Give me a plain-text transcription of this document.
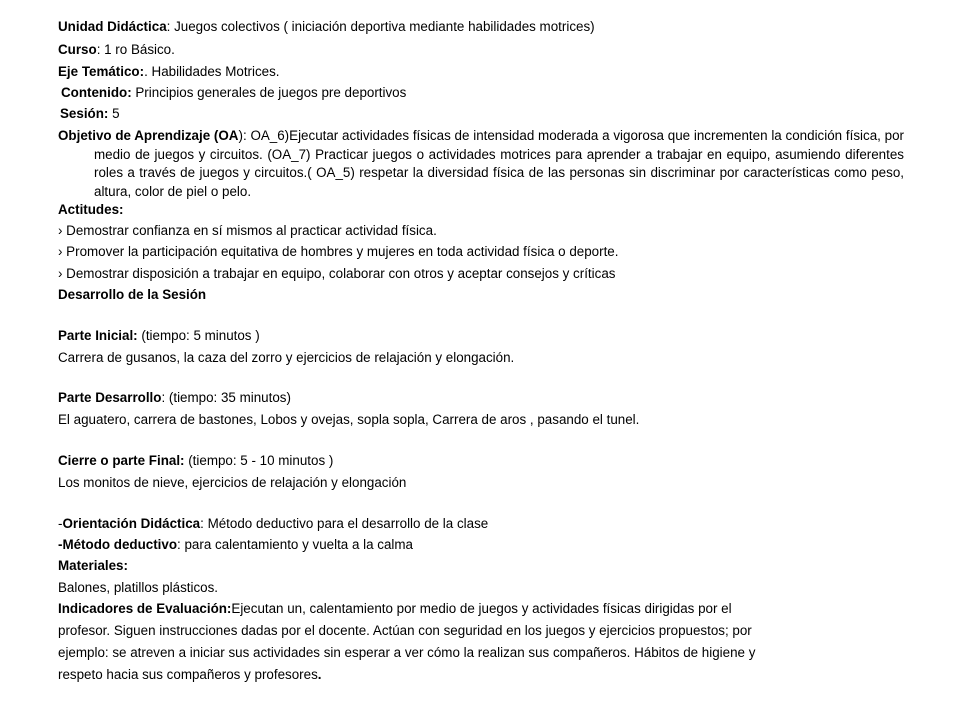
Unidad Didáctica: Juegos colectivos ( iniciación deportiva mediante habilidades motrices)
Curso: 1 ro Básico.
Eje Temático:. Habilidades Motrices.
Contenido: Principios generales de juegos pre deportivos
Sesión: 5
Objetivo de Aprendizaje (OA): OA_6)Ejecutar actividades físicas de intensidad moderada a vigorosa que incrementen la condición física, por medio de juegos y circuitos. (OA_7) Practicar juegos o actividades motrices para aprender a trabajar en equipo, asumiendo diferentes roles a través de juegos y circuitos.( OA_5) respetar la diversidad física de las personas sin discriminar por características como peso, altura, color de piel o pelo.
Actitudes:
› Demostrar confianza en sí mismos al practicar actividad física.
› Promover la participación equitativa de hombres y mujeres en toda actividad física o deporte.
› Demostrar disposición a trabajar en equipo, colaborar con otros y aceptar consejos y críticas
Desarrollo de la Sesión
Parte Inicial: (tiempo: 5 minutos )
Carrera de gusanos, la caza del zorro y ejercicios de relajación y elongación.
Parte Desarrollo: (tiempo: 35 minutos)
El aguatero, carrera de bastones, Lobos y ovejas, sopla sopla, Carrera de aros , pasando el tunel.
Cierre o parte Final: (tiempo: 5 - 10 minutos )
Los monitos de nieve, ejercicios de relajación y elongación
-Orientación Didáctica: Método deductivo para el desarrollo de la clase
-Método deductivo: para calentamiento y vuelta a la calma
Materiales:
Balones, platillos plásticos.
Indicadores de Evaluación:Ejecutan un, calentamiento por medio de juegos y actividades físicas dirigidas por el
profesor. Siguen instrucciones dadas por el docente. Actúan con seguridad en los juegos y ejercicios propuestos; por
ejemplo: se atreven a iniciar sus actividades sin esperar a ver cómo la realizan sus compañeros. Hábitos de higiene y
respeto hacia sus compañeros y profesores.
